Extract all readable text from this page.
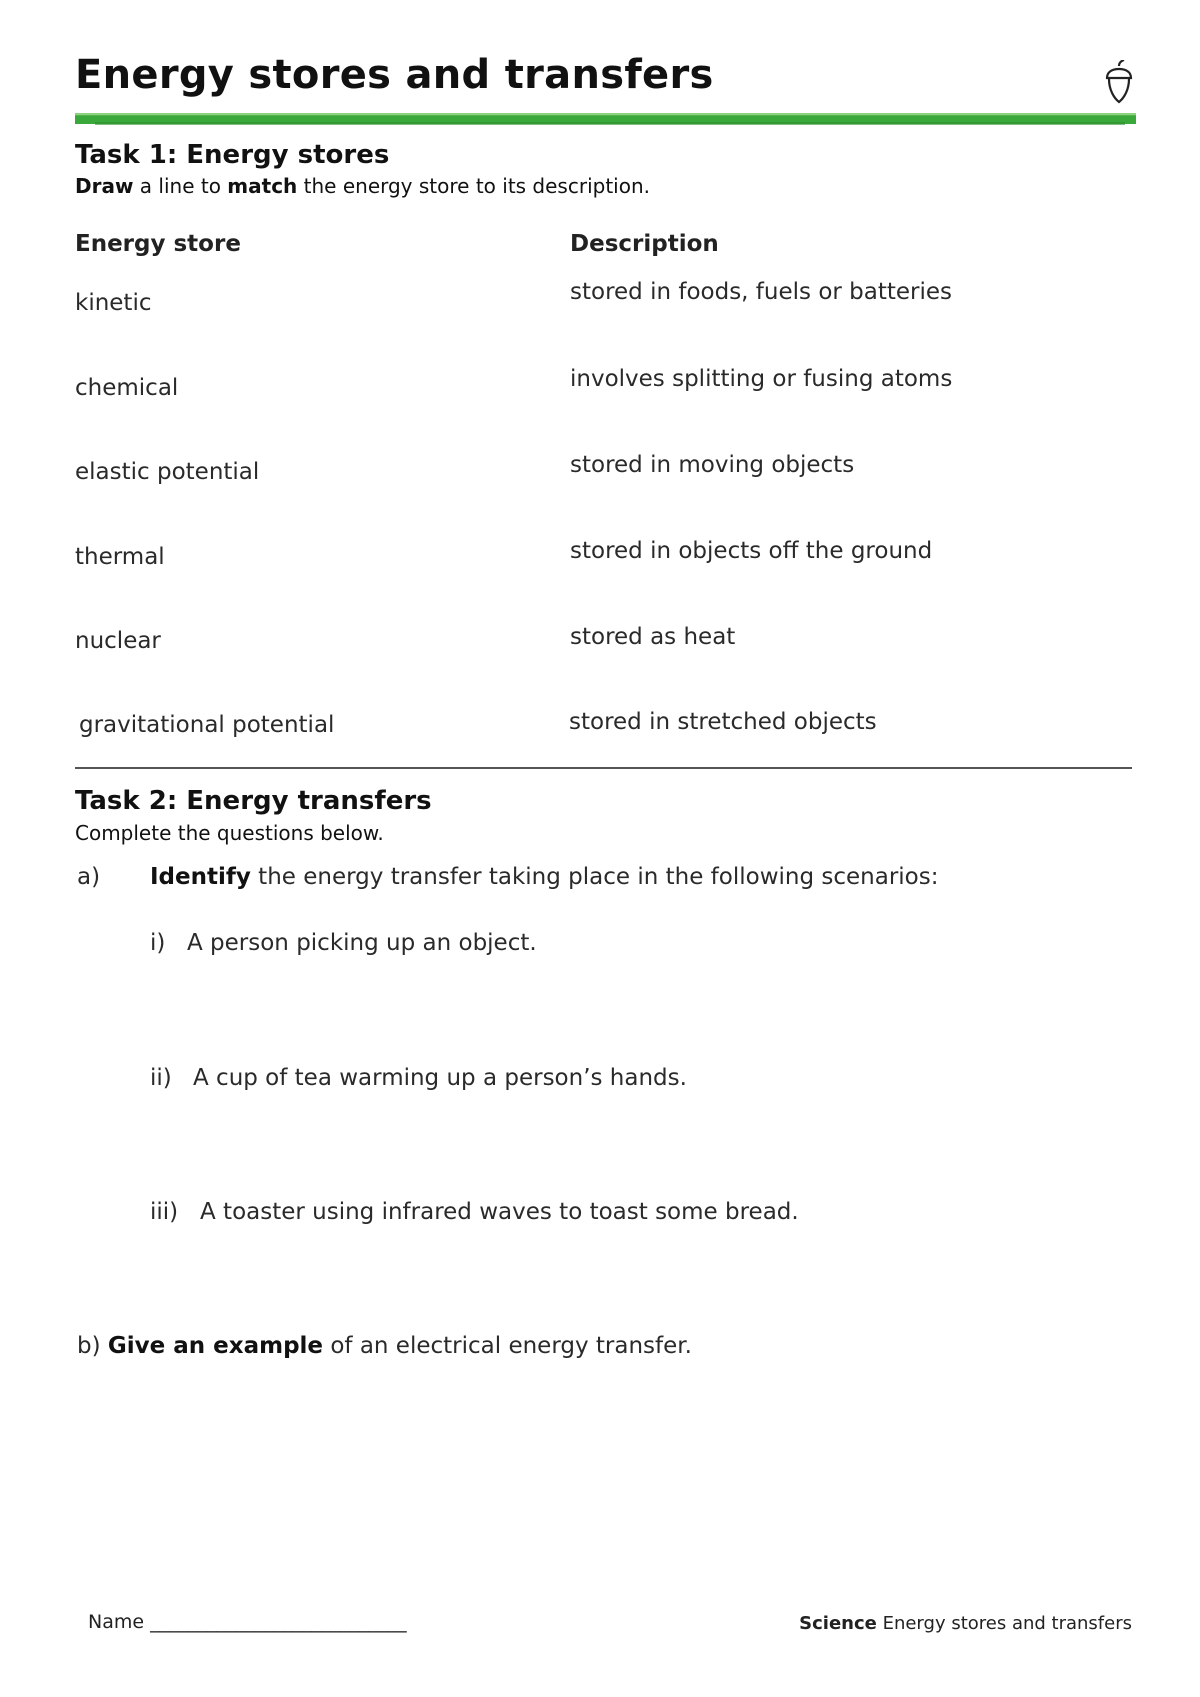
Energy stores and transfers
Task 1: Energy stores
Draw a line to match the energy store to its description.
Energy store	Description
kinetic
chemical
elastic potential
thermal
nuclear
gravitational potential
stored in foods, fuels or batteries
involves splitting or fusing atoms
stored in moving objects
stored in objects off the ground
stored as heat
stored in stretched objects
Task 2: Energy transfers
Complete the questions below.
a) Identify the energy transfer taking place in the following scenarios:
i) A person picking up an object.
ii) A cup of tea warming up a person’s hands.
iii) A toaster using infrared waves to toast some bread.
b) Give an example of an electrical energy transfer.
Name ___________________________	Science Energy stores and transfers
